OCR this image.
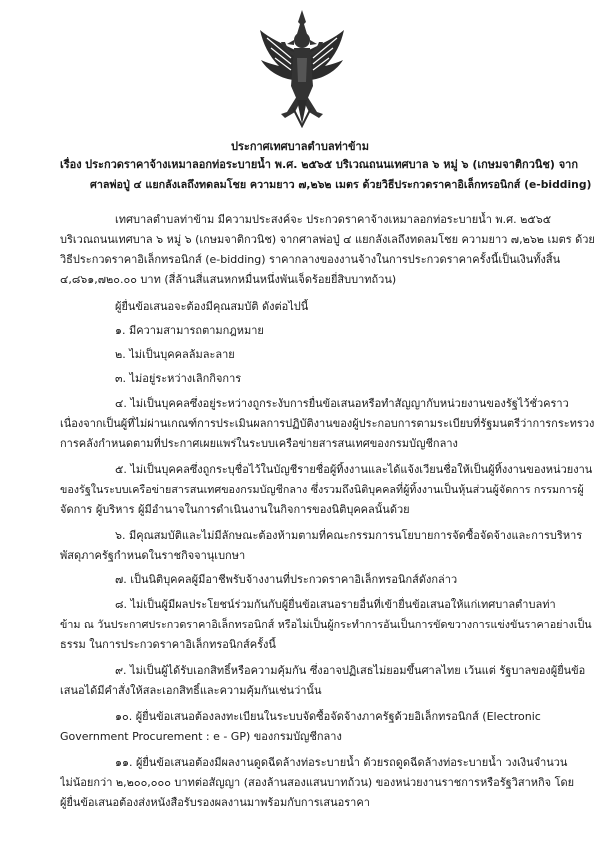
ประกาศเทศบาลตำบลท่าข้าม
เรื่อง ประกวดราคาจ้างเหมาลอกท่อระบายน้ำ พ.ศ. ๒๕๖๕ บริเวณถนนเทศบาล ๖ หมู่ ๖ (เกษมจาติกวนิช) จาก
ศาลพ่อปู่ ๔ แยกลังเลถึงทดลมโชย ความยาว ๗,๒๖๒ เมตร ด้วยวิธีประกวดราคาอิเล็กทรอนิกส์ (e-bidding)
เทศบาลตำบลท่าข้าม มีความประสงค์จะ ประกวดราคาจ้างเหมาลอกท่อระบายน้ำ พ.ศ. ๒๕๖๕
บริเวณถนนเทศบาล ๖ หมู่ ๖ (เกษมจาติกวนิช) จากศาลพ่อปู่ ๔ แยกลังเลถึงทดลมโชย ความยาว ๗,๒๖๒ เมตร ด้วย
วิธีประกวดราคาอิเล็กทรอนิกส์ (e-bidding) ราคากลางของงานจ้างในการประกวดราคาครั้งนี้เป็นเงินทั้งสิ้น
๔,๘๖๑,๗๒๐.๐๐ บาท (สี่ล้านสี่แสนหกหมื่นหนึ่งพันเจ็ดร้อยยี่สิบบาทถ้วน)
ผู้ยื่นข้อเสนอจะต้องมีคุณสมบัติ ดังต่อไปนี้
๑. มีความสามารถตามกฎหมาย
๒. ไม่เป็นบุคคลล้มละลาย
๓. ไม่อยู่ระหว่างเลิกกิจการ
๔. ไม่เป็นบุคคลซึ่งอยู่ระหว่างถูกระงับการยื่นข้อเสนอหรือทำสัญญากับหน่วยงานของรัฐไว้ชั่วคราว
เนื่องจากเป็นผู้ที่ไม่ผ่านเกณฑ์การประเมินผลการปฏิบัติงานของผู้ประกอบการตามระเบียบที่รัฐมนตรีว่าการกระทรวง
การคลังกำหนดตามที่ประกาศเผยแพร่ในระบบเครือข่ายสารสนเทศของกรมบัญชีกลาง
๕. ไม่เป็นบุคคลซึ่งถูกระบุชื่อไว้ในบัญชีรายชื่อผู้ทิ้งงานและได้แจ้งเวียนชื่อให้เป็นผู้ทิ้งงานของหน่วยงาน
ของรัฐในระบบเครือข่ายสารสนเทศของกรมบัญชีกลาง ซึ่งรวมถึงนิติบุคคลที่ผู้ทิ้งงานเป็นหุ้นส่วนผู้จัดการ กรรมการผู้
จัดการ ผู้บริหาร ผู้มีอำนาจในการดำเนินงานในกิจการของนิติบุคคลนั้นด้วย
๖. มีคุณสมบัติและไม่มีลักษณะต้องห้ามตามที่คณะกรรมการนโยบายการจัดซื้อจัดจ้างและการบริหาร
พัสดุภาครัฐกำหนดในราชกิจจานุเบกษา
๗. เป็นนิติบุคคลผู้มีอาชีพรับจ้างงานที่ประกวดราคาอิเล็กทรอนิกส์ดังกล่าว
๘. ไม่เป็นผู้มีผลประโยชน์ร่วมกันกับผู้ยื่นข้อเสนอรายอื่นที่เข้ายื่นข้อเสนอให้แก่เทศบาลตำบลท่า
ข้าม ณ วันประกาศประกวดราคาอิเล็กทรอนิกส์ หรือไม่เป็นผู้กระทำการอันเป็นการขัดขวางการแข่งขันราคาอย่างเป็น
ธรรม ในการประกวดราคาอิเล็กทรอนิกส์ครั้งนี้
๙. ไม่เป็นผู้ได้รับเอกสิทธิ์หรือความคุ้มกัน ซึ่งอาจปฏิเสธไม่ยอมขึ้นศาลไทย เว้นแต่ รัฐบาลของผู้ยื่นข้อ
เสนอได้มีคำสั่งให้สละเอกสิทธิ์และความคุ้มกันเช่นว่านั้น
๑๐. ผู้ยื่นข้อเสนอต้องลงทะเบียนในระบบจัดซื้อจัดจ้างภาครัฐด้วยอิเล็กทรอนิกส์ (Electronic
Government Procurement : e - GP) ของกรมบัญชีกลาง
๑๑. ผู้ยื่นข้อเสนอต้องมีผลงานดูดฉีดล้างท่อระบายน้ำ ด้วยรถดูดฉีดล้างท่อระบายน้ำ วงเงินจำนวน
ไม่น้อยกว่า ๒,๒๐๐,๐๐๐ บาทต่อสัญญา (สองล้านสองแสนบาทถ้วน) ของหน่วยงานราชการหรือรัฐวิสาหกิจ โดย
ผู้ยื่นข้อเสนอต้องส่งหนังสือรับรองผลงานมาพร้อมกับการเสนอราคา
